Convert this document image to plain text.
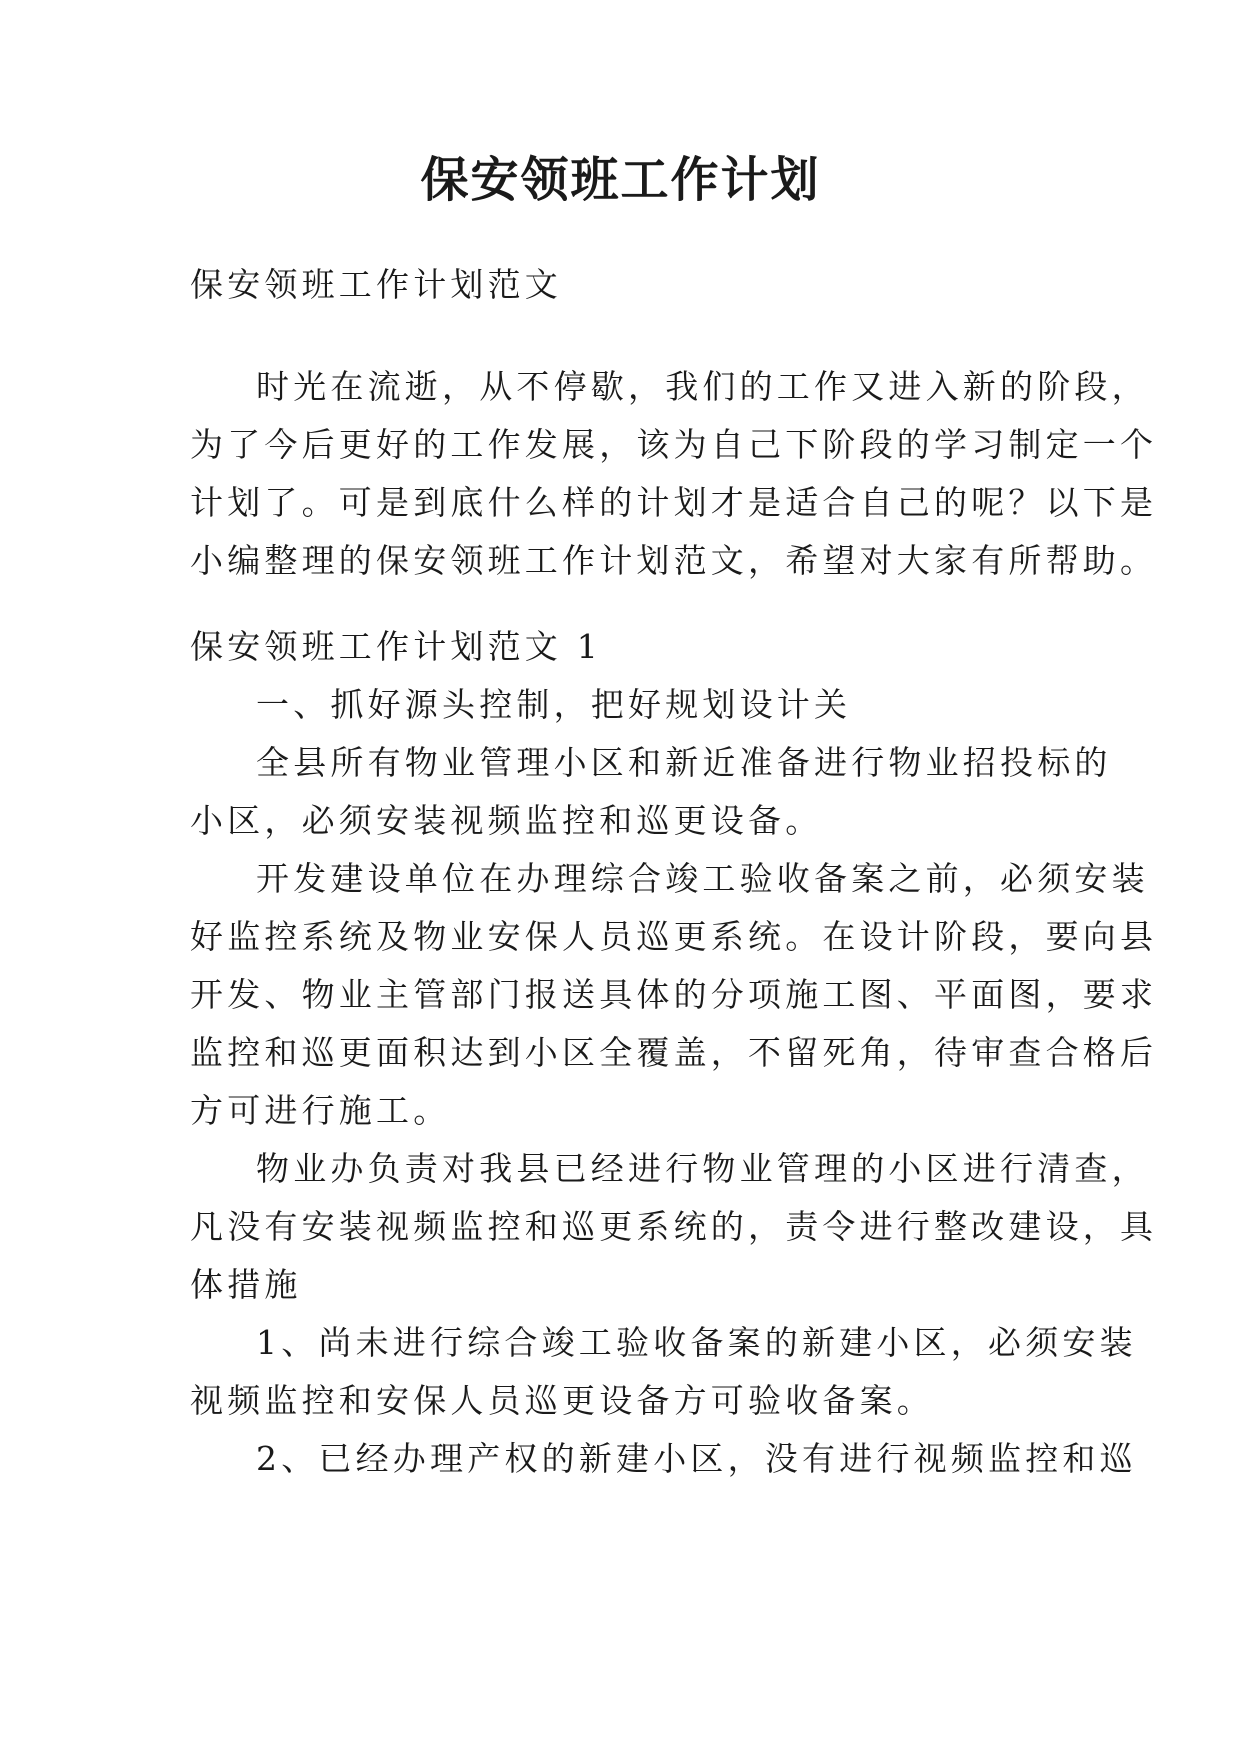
保安领班工作计划
保安领班工作计划范文
时光在流逝，从不停歇，我们的工作又进入新的阶段，
为了今后更好的工作发展，该为自己下阶段的学习制定一个
计划了。可是到底什么样的计划才是适合自己的呢？以下是
小编整理的保安领班工作计划范文，希望对大家有所帮助。
保安领班工作计划范文 1
一、抓好源头控制，把好规划设计关
全县所有物业管理小区和新近准备进行物业招投标的
小区，必须安装视频监控和巡更设备。
开发建设单位在办理综合竣工验收备案之前，必须安装
好监控系统及物业安保人员巡更系统。在设计阶段，要向县
开发、物业主管部门报送具体的分项施工图、平面图，要求
监控和巡更面积达到小区全覆盖，不留死角，待审查合格后
方可进行施工。
物业办负责对我县已经进行物业管理的小区进行清查，
凡没有安装视频监控和巡更系统的，责令进行整改建设，具
体措施
1、尚未进行综合竣工验收备案的新建小区，必须安装
视频监控和安保人员巡更设备方可验收备案。
2、已经办理产权的新建小区，没有进行视频监控和巡
